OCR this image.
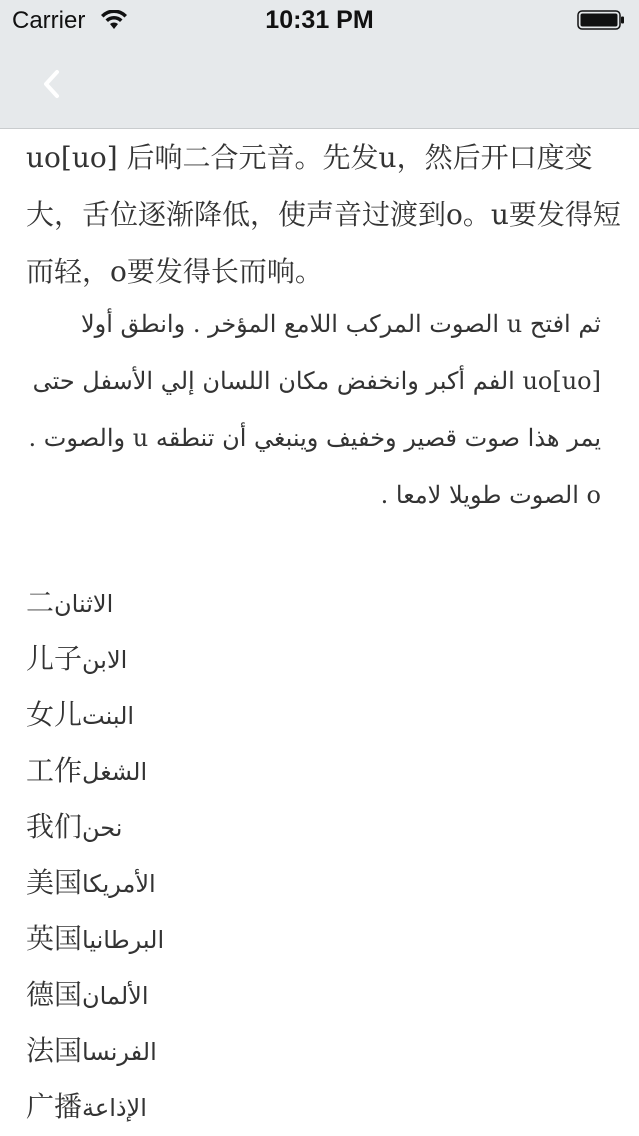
Carrier	10:31 PM
uo[uo] 后响二合元音。先发u，然后开口度变大，舌位逐渐降低，使声音过渡到o。u要发得短而轻，o要发得长而响。
ثم افتح u الصوت المركب اللامع المؤخر . وانطق أولا [uo]uo الفم أكبر وانخفض مكان اللسان إلي الأسفل حتى يمر هذا صوت قصير وخفيف وينبغي أن تنطقه u والصوت . o الصوت طويلا لامعا .
二الاثنان
儿子الابن
女儿البنت
工作الشغل
我们نحن
美国الأمريكا
英国البرطانيا
德国الألمان
法国الفرنسا
广播الإذاعة
